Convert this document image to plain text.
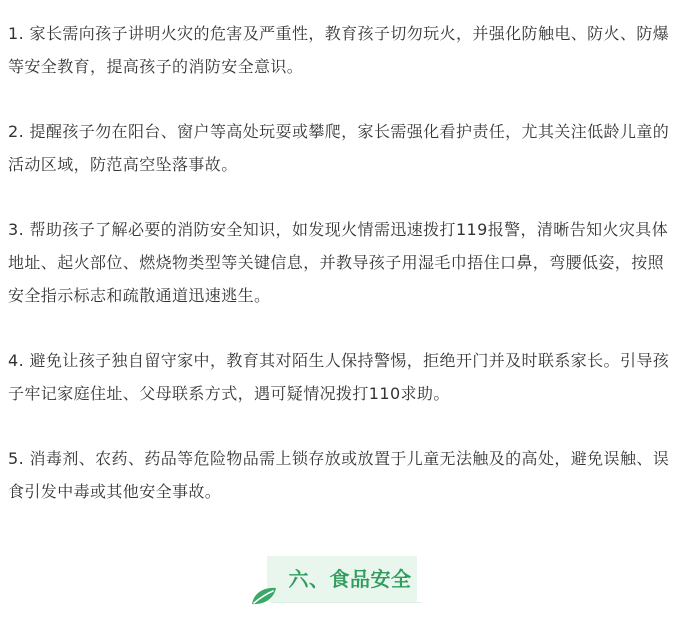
1. 家长需向孩子讲明火灾的危害及严重性，教育孩子切勿玩火，并强化防触电、防火、防爆等安全教育，提高孩子的消防安全意识。

2. 提醒孩子勿在阳台、窗户等高处玩耍或攀爬，家长需强化看护责任，尤其关注低龄儿童的活动区域，防范高空坠落事故。

3. 帮助孩子了解必要的消防安全知识，如发现火情需迅速拨打119报警，清晰告知火灾具体地址、起火部位、燃烧物类型等关键信息，并教导孩子用湿毛巾捂住口鼻，弯腰低姿，按照安全指示标志和疏散通道迅速逃生。

4. 避免让孩子独自留守家中，教育其对陌生人保持警惕，拒绝开门并及时联系家长。引导孩子牢记家庭住址、父母联系方式，遇可疑情况拨打110求助。

5. 消毒剂、农药、药品等危险物品需上锁存放或放置于儿童无法触及的高处，避免误触、误食引发中毒或其他安全事故。

六、食品安全
